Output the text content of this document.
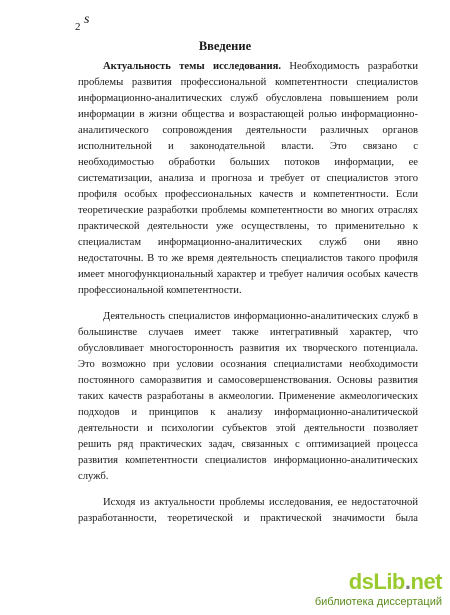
s
2
Введение
Актуальность темы исследования. Необходимость разработки
проблемы развития профессиональной компетентности специалистов
информационно-аналитических служб обусловлена повышением роли
информации в жизни общества и возрастающей ролью информационно-
аналитического сопровождения деятельности различных органов
исполнительной и законодательной власти. Это связано с
необходимостью обработки больших потоков информации, ее
систематизации, анализа и прогноза и требует от специалистов этого
профиля особых профессиональных качеств и компетентности. Если
теоретические разработки проблемы компетентности во многих отраслях
практической деятельности уже осуществлены, то применительно к
специалистам информационно-аналитических служб они явно
недостаточны. В то же время деятельность специалистов такого профиля
имеет многофункциональный характер и требует наличия особых качеств
профессиональной компетентности.
Деятельность специалистов информационно-аналитических служб в
большинстве случаев имеет также интегративный характер, что
обусловливает многосторонность развития их творческого потенциала.
Это возможно при условии осознания специалистами необходимости
постоянного саморазвития и самосовершенствования. Основы развития
таких качеств разработаны в акмеологии. Применение акмеологических
подходов и принципов к анализу информационно-аналитической
деятельности и психологии субъектов этой деятельности позволяет
решить ряд практических задач, связанных с оптимизацией процесса
развития компетентности специалистов информационно-аналитических
служб.
Исходя из актуальности проблемы исследования, ее недостаточной
разработанности, теоретической и практической значимости была
dsLib.net
библиотека диссертаций
